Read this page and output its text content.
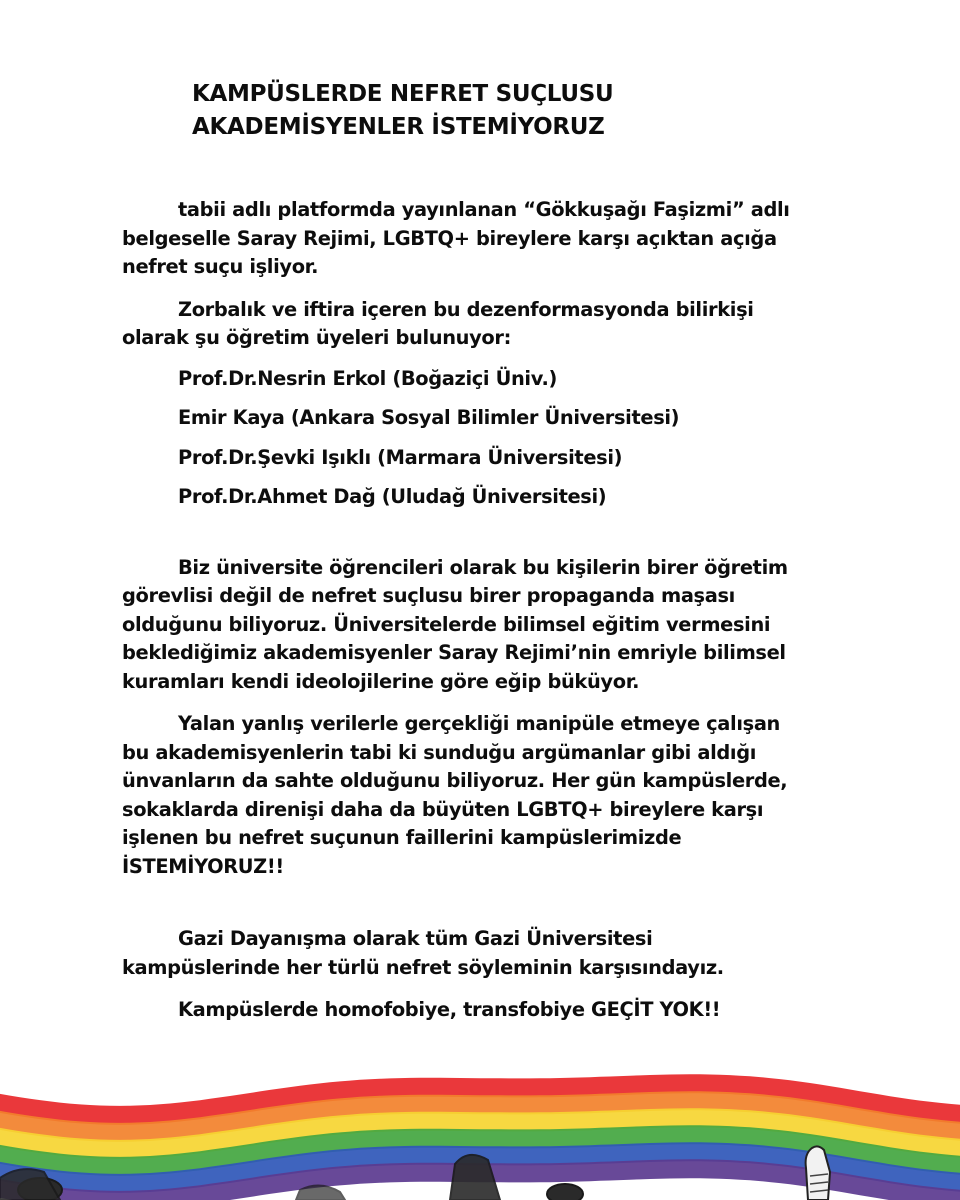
KAMPÜSLERDE NEFRET SUÇLUSU
AKADEMİSYENLER İSTEMİYORUZ

tabii adlı platformda yayınlanan “Gökkuşağı Faşizmi” adlı belgeselle Saray Rejimi, LGBTQ+ bireylere karşı açıktan açığa nefret suçu işliyor.

Zorbalık ve iftira içeren bu dezenformasyonda bilirkişi olarak şu öğretim üyeleri bulunuyor:

Prof.Dr.Nesrin Erkol (Boğaziçi Üniv.)
Emir Kaya (Ankara Sosyal Bilimler Üniversitesi)
Prof.Dr.Şevki Işıklı (Marmara Üniversitesi)
Prof.Dr.Ahmet Dağ (Uludağ Üniversitesi)

Biz üniversite öğrencileri olarak bu kişilerin birer öğretim görevlisi değil de nefret suçlusu birer propaganda maşası olduğunu biliyoruz. Üniversitelerde bilimsel eğitim vermesini beklediğimiz akademisyenler Saray Rejimi’nin emriyle bilimsel kuramları kendi ideolojilerine göre eğip büküyor.

Yalan yanlış verilerle gerçekliği manipüle etmeye çalışan bu akademisyenlerin tabi ki sunduğu argümanlar gibi aldığı ünvanların da sahte olduğunu biliyoruz. Her gün kampüslerde, sokaklarda direnişi daha da büyüten LGBTQ+ bireylere karşı işlenen bu nefret suçunun faillerini kampüslerimizde İSTEMİYORUZ!!

Gazi Dayanışma olarak tüm Gazi Üniversitesi kampüslerinde her türlü nefret söyleminin karşısındayız.

Kampüslerde homofobiye, transfobiye GEÇİT YOK!!
